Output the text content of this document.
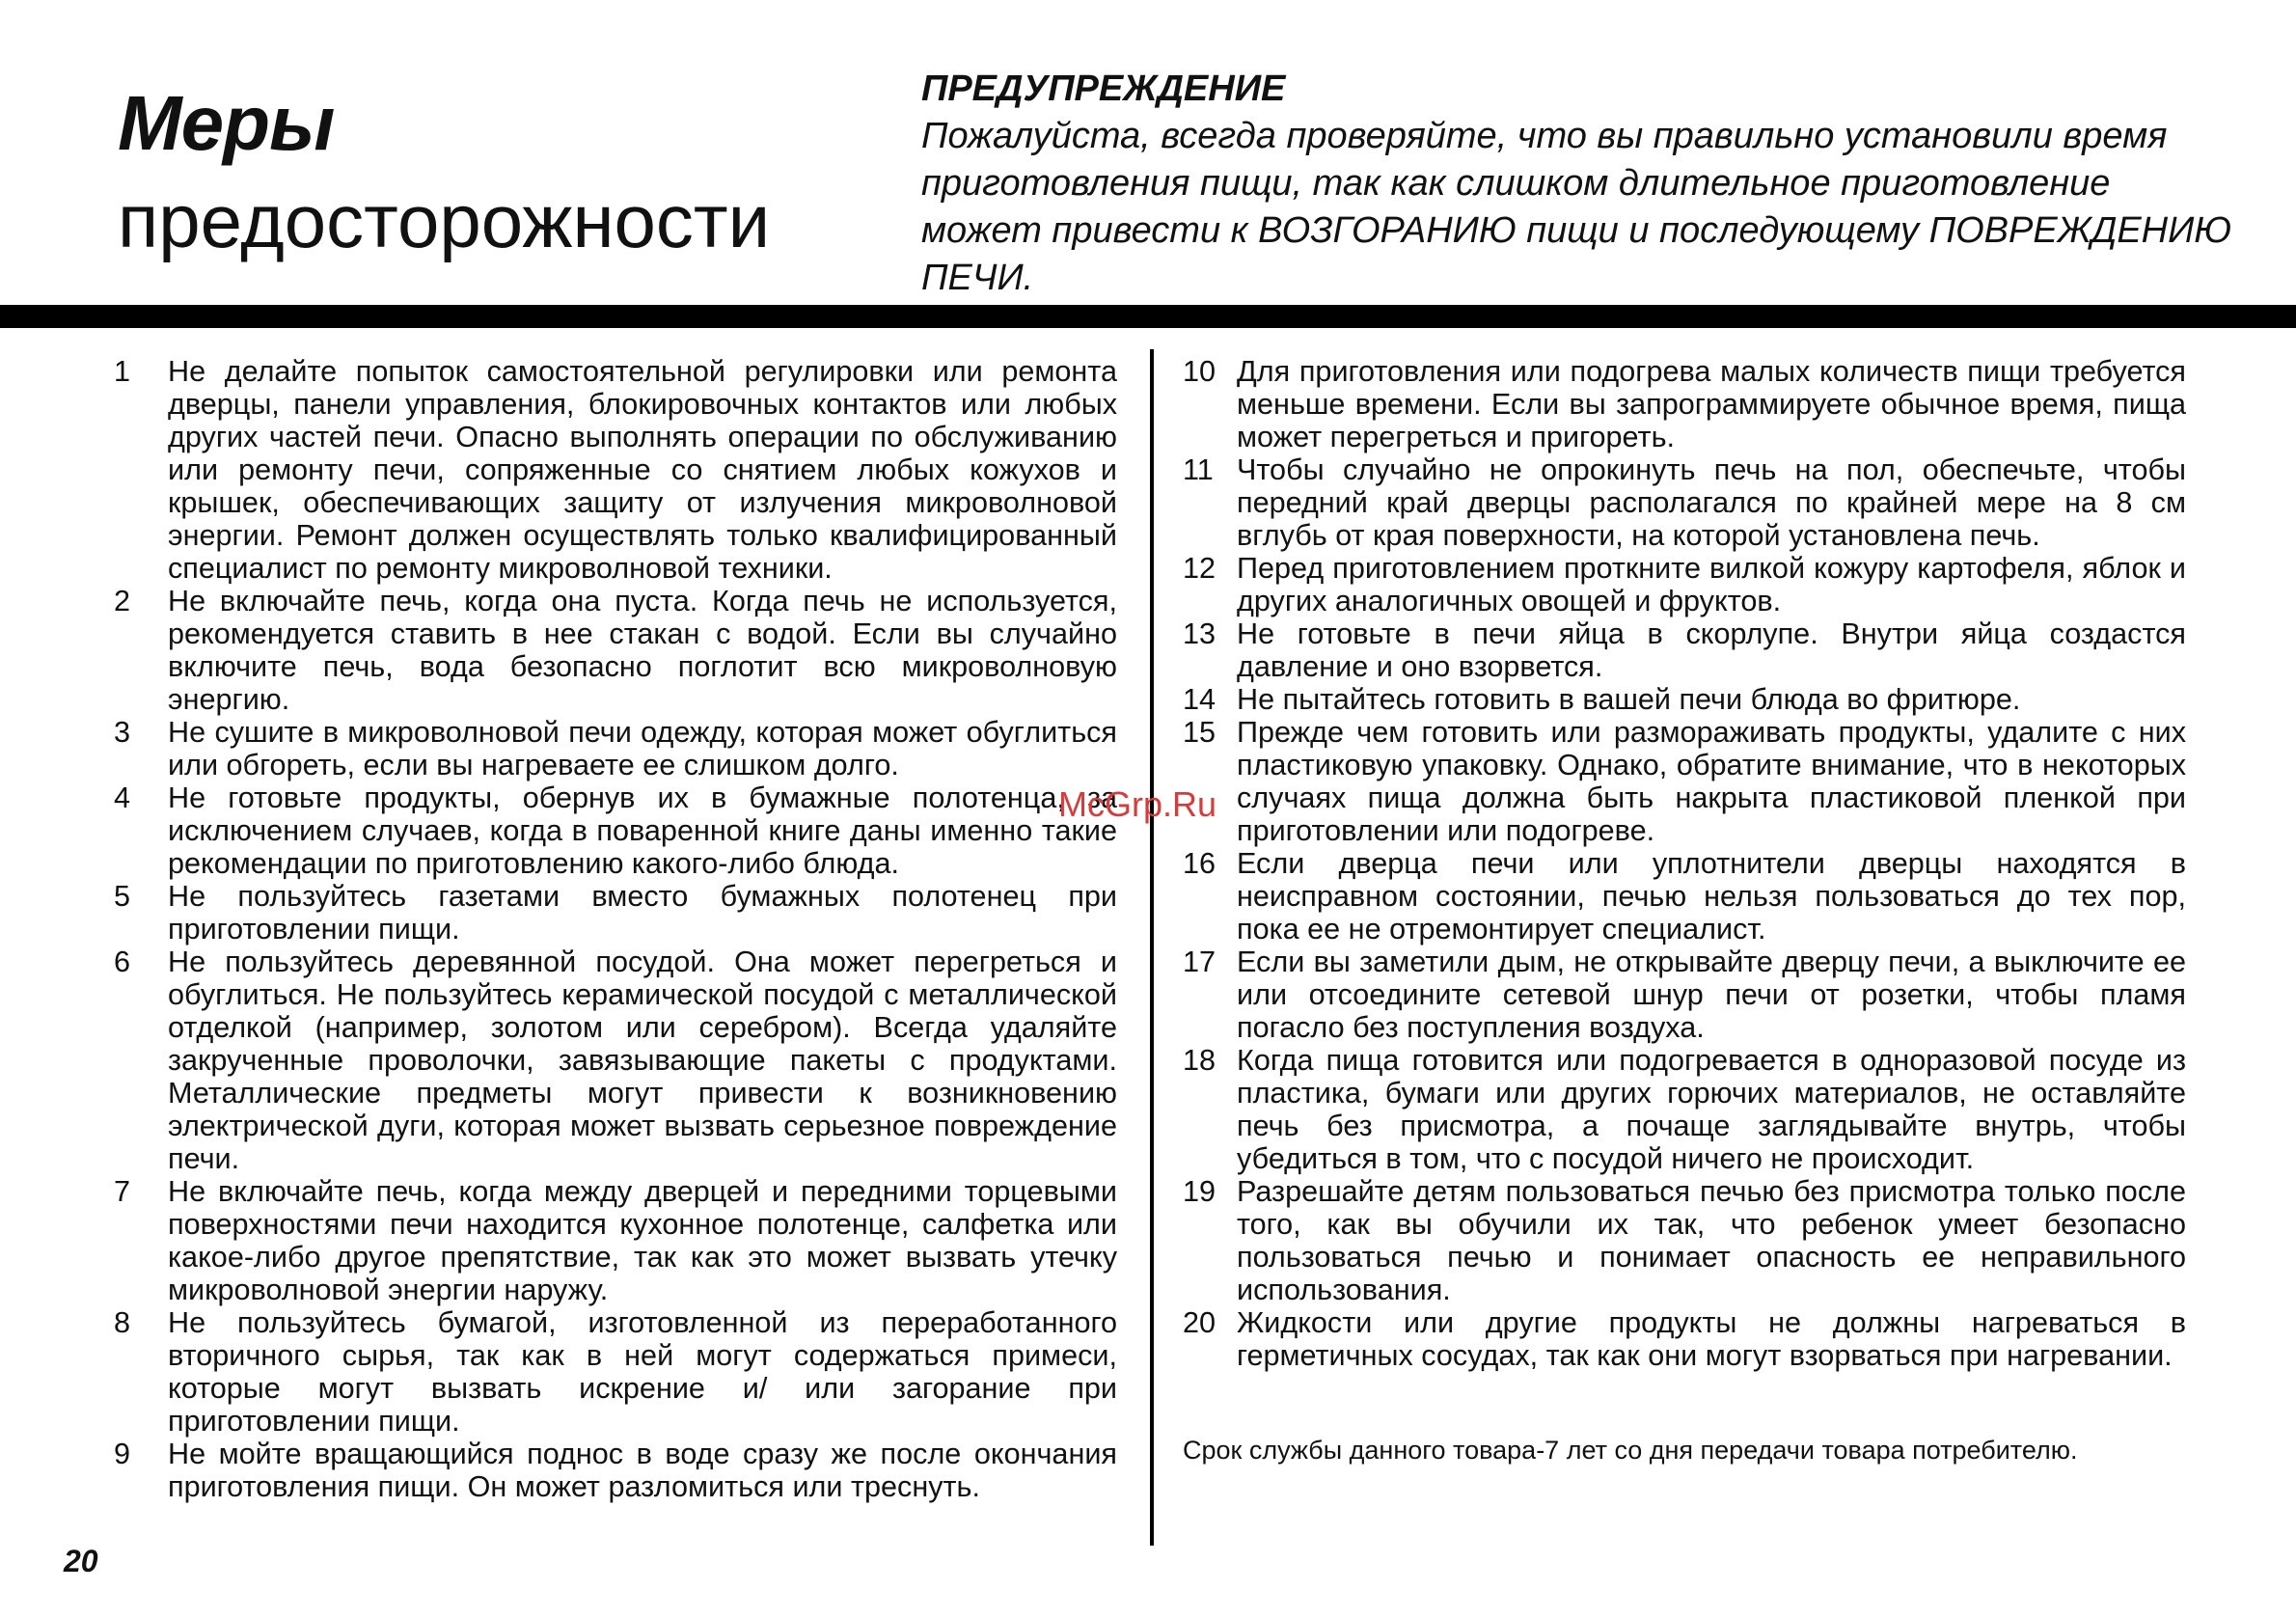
Меры
предосторожности
ПРЕДУПРЕЖДЕНИЕ
Пожалуйста, всегда проверяйте, что вы правильно установили время приготовления пищи, так как слишком длительное приготовление может привести к ВОЗГОРАНИЮ пищи и последующему ПОВРЕЖДЕНИЮ ПЕЧИ.
1	Не делайте попыток самостоятельной регулировки или ремонта дверцы, панели управления, блокировочных контактов или любых других частей печи. Опасно выполнять операции по обслуживанию или ремонту печи, сопряженные со снятием любых кожухов и крышек, обеспечивающих защиту от излучения микроволновой энергии. Ремонт должен осуществлять только квалифицированный специалист по ремонту микроволновой техники.
2	Не включайте печь, когда она пуста. Когда печь не используется, рекомендуется ставить в нее стакан с водой. Если вы случайно включите печь, вода безопасно поглотит всю микроволновую энергию.
3	Не сушите в микроволновой печи одежду, которая может обуглиться или обгореть, если вы нагреваете ее слишком долго.
4	Не готовьте продукты, обернув их в бумажные полотенца, за исключением случаев, когда в поваренной книге даны именно такие рекомендации по приготовлению какого-либо блюда.
5	Не пользуйтесь газетами вместо бумажных полотенец при приготовлении пищи.
6	Не пользуйтесь деревянной посудой. Она может перегреться и обуглиться. Не пользуйтесь керамической посудой с металлической отделкой (например, золотом или серебром). Всегда удаляйте закрученные проволочки, завязывающие пакеты с продуктами. Металлические предметы могут привести к возникновению электрической дуги, которая может вызвать серьезное повреждение печи.
7	Не включайте печь, когда между дверцей и передними торцевыми поверхностями печи находится кухонное полотенце, салфетка или какое-либо другое препятствие, так как это может вызвать утечку микроволновой энергии наружу.
8	Не пользуйтесь бумагой, изготовленной из переработанного вторичного сырья, так как в ней могут содержаться примеси, которые могут вызвать искрение и/ или загорание при приготовлении пищи.
9	Не мойте вращающийся поднос в воде сразу же после окончания приготовления пищи. Он может разломиться или треснуть.
10 Для приготовления или подогрева малых количеств пищи требуется меньше времени. Если вы запрограммируете обычное время, пища может перегреться и пригореть.
11 Чтобы случайно не опрокинуть печь на пол, обеспечьте, чтобы передний край дверцы располагался по крайней мере на 8 см вглубь от края поверхности, на которой установлена печь.
12 Перед приготовлением проткните вилкой кожуру картофеля, яблок и других аналогичных овощей и фруктов.
13 Не готовьте в печи яйца в скорлупе. Внутри яйца создастся давление и оно взорвется.
14 Не пытайтесь готовить в вашей печи блюда во фритюре.
15 Прежде чем готовить или размораживать продукты, удалите с них пластиковую упаковку. Однако, обратите внимание, что в некоторых случаях пища должна быть накрыта пластиковой пленкой при приготовлении или подогреве.
16 Если дверца печи или уплотнители дверцы находятся в неисправном состоянии, печью нельзя пользоваться до тех пор, пока ее не отремонтирует специалист.
17 Если вы заметили дым, не открывайте дверцу печи, а выключите ее или отсоедините сетевой шнур печи от розетки, чтобы пламя погасло без поступления воздуха.
18 Когда пища готовится или подогревается в одноразовой посуде из пластика, бумаги или других горючих материалов, не оставляйте печь без присмотра, а почаще заглядывайте внутрь, чтобы убедиться в том, что с посудой ничего не происходит.
19 Разрешайте детям пользоваться печью без присмотра только после того, как вы обучили их так, что ребенок умеет безопасно пользоваться печью и понимает опасность ее неправильного использования.
20 Жидкости или другие продукты не должны нагреваться в герметичных сосудах, так как они могут взорваться при нагревании.
Срок службы данного товара-7 лет со дня передачи товара потребителю.
McGrp.Ru
20
